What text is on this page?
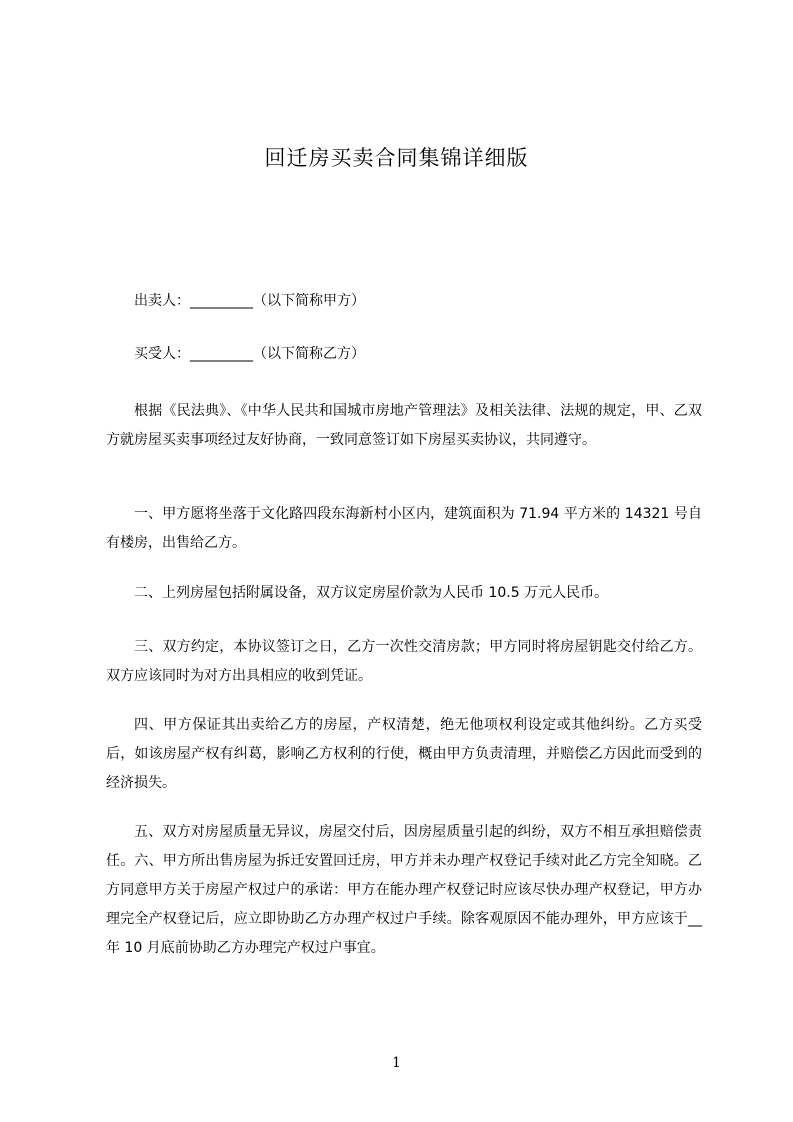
回迁房买卖合同集锦详细版
出卖人：_________（以下简称甲方）
买受人：_________（以下简称乙方）
根据《民法典》、《中华人民共和国城市房地产管理法》及相关法律、法规的规定，甲、乙双方就房屋买卖事项经过友好协商，一致同意签订如下房屋买卖协议，共同遵守。
一、甲方愿将坐落于文化路四段东海新村小区内，建筑面积为 71.94 平方米的 14321 号自有楼房，出售给乙方。
二、上列房屋包括附属设备，双方议定房屋价款为人民币 10.5 万元人民币。
三、双方约定，本协议签订之日，乙方一次性交清房款；甲方同时将房屋钥匙交付给乙方。双方应该同时为对方出具相应的收到凭证。
四、甲方保证其出卖给乙方的房屋，产权清楚，绝无他项权利设定或其他纠纷。乙方买受后，如该房屋产权有纠葛，影响乙方权利的行使，概由甲方负责清理，并赔偿乙方因此而受到的经济损失。
五、双方对房屋质量无异议，房屋交付后，因房屋质量引起的纠纷，双方不相互承担赔偿责任。六、甲方所出售房屋为拆迁安置回迁房，甲方并未办理产权登记手续对此乙方完全知晓。乙方同意甲方关于房屋产权过户的承诺：甲方在能办理产权登记时应该尽快办理产权登记，甲方办理完全产权登记后，应立即协助乙方办理产权过户手续。除客观原因不能办理外，甲方应该于__年 10 月底前协助乙方办理完产权过户事宜。
1
